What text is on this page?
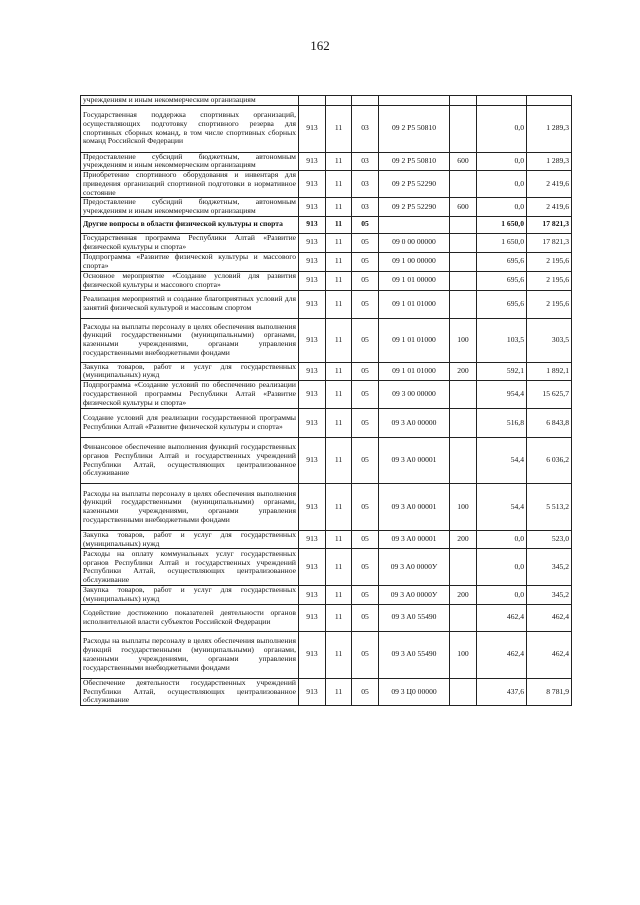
162
учреждениям и иным некоммерческим организациям							
Государственная поддержка спортивных организаций, осуществляющих подготовку спортивного резерва для спортивных сборных команд, в том числе спортивных сборных команд Российской Федерации	913	11	03	09 2 P5 50810		0,0	1 289,3
Предоставление субсидий бюджетным, автономным учреждениям и иным некоммерческим организациям	913	11	03	09 2 P5 50810	600	0,0	1 289,3
Приобретение спортивного оборудования и инвентаря для приведения организаций спортивной подготовки в нормативное состояние	913	11	03	09 2 P5 52290		0,0	2 419,6
Предоставление субсидий бюджетным, автономным учреждениям и иным некоммерческим организациям	913	11	03	09 2 P5 52290	600	0,0	2 419,6
Другие вопросы в области физической культуры и спорта	913	11	05			1 650,0	17 821,3
Государственная программа Республики Алтай «Развитие физической культуры и спорта»	913	11	05	09 0 00 00000		1 650,0	17 821,3
Подпрограмма «Развитие физической культуры и массового спорта»	913	11	05	09 1 00 00000		695,6	2 195,6
Основное мероприятие «Создание условий для развития физической культуры и массового спорта»	913	11	05	09 1 01 00000		695,6	2 195,6
Реализация мероприятий и создание благоприятных условий для занятий физической культурой и массовым спортом	913	11	05	09 1 01 01000		695,6	2 195,6
Расходы на выплаты персоналу в целях обеспечения выполнения функций государственными (муниципальными) органами, казенными учреждениями, органами управления государственными внебюджетными фондами	913	11	05	09 1 01 01000	100	103,5	303,5
Закупка товаров, работ и услуг для государственных (муниципальных) нужд	913	11	05	09 1 01 01000	200	592,1	1 892,1
Подпрограмма «Создание условий по обеспечению реализации государственной программы Республики Алтай «Развитие физической культуры и спорта»	913	11	05	09 3 00 00000		954,4	15 625,7
Создание условий для реализации государственной программы Республики Алтай «Развитие физической культуры и спорта»	913	11	05	09 3 A0 00000		516,8	6 843,8
Финансовое обеспечение выполнения функций государственных органов Республики Алтай и государственных учреждений Республики Алтай, осуществляющих централизованное обслуживание	913	11	05	09 3 A0 00001		54,4	6 036,2
Расходы на выплаты персоналу в целях обеспечения выполнения функций государственными (муниципальными) органами, казенными учреждениями, органами управления государственными внебюджетными фондами	913	11	05	09 3 A0 00001	100	54,4	5 513,2
Закупка товаров, работ и услуг для государственных (муниципальных) нужд	913	11	05	09 3 A0 00001	200	0,0	523,0
Расходы на оплату коммунальных услуг государственных органов Республики Алтай и государственных учреждений Республики Алтай, осуществляющих централизованное обслуживание	913	11	05	09 3 A0 0000У		0,0	345,2
Закупка товаров, работ и услуг для государственных (муниципальных) нужд	913	11	05	09 3 A0 0000У	200	0,0	345,2
Содействие достижению показателей деятельности органов исполнительной власти субъектов Российской Федерации	913	11	05	09 3 A0 55490		462,4	462,4
Расходы на выплаты персоналу в целях обеспечения выполнения функций государственными (муниципальными) органами, казенными учреждениями, органами управления государственными внебюджетными фондами	913	11	05	09 3 A0 55490	100	462,4	462,4
Обеспечение деятельности государственных учреждений Республики Алтай, осуществляющих централизованное обслуживание	913	11	05	09 3 Ц0 00000		437,6	8 781,9
